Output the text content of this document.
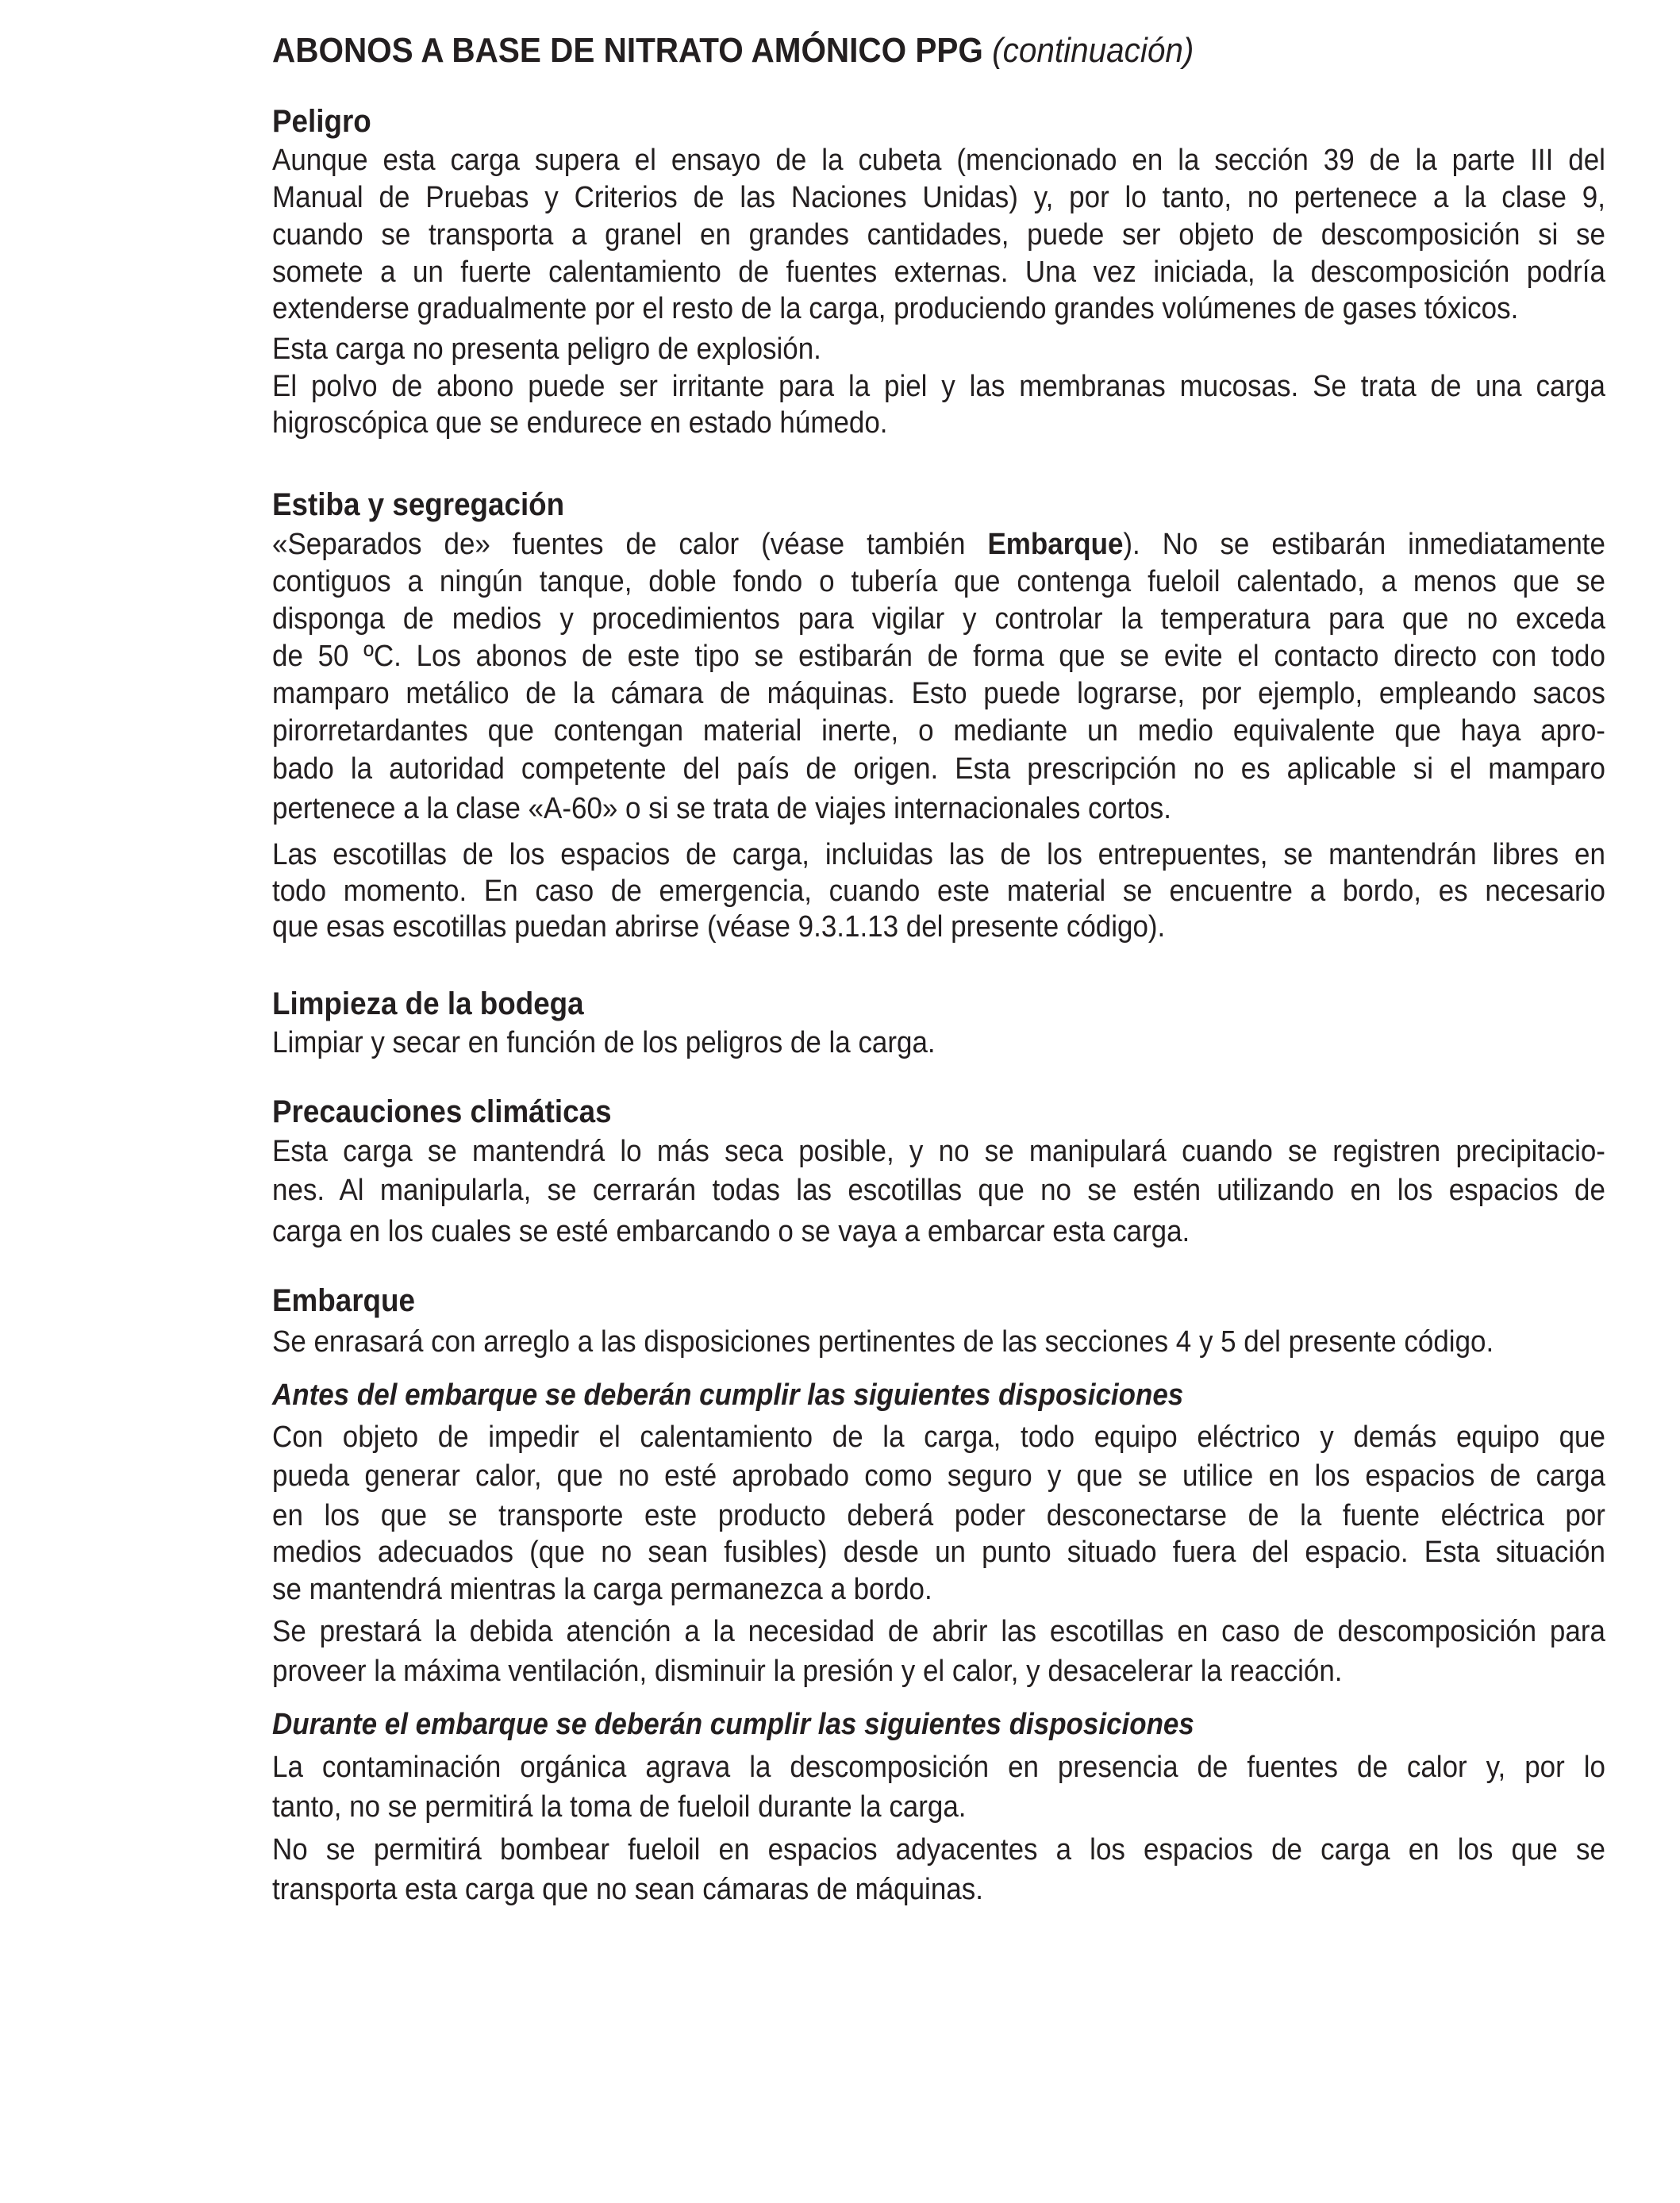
ABONOS A BASE DE NITRATO AMÓNICO PPG (continuación)
Peligro
Aunque esta carga supera el ensayo de la cubeta (mencionado en la sección 39 de la parte III del
Manual de Pruebas y Criterios de las Naciones Unidas) y, por lo tanto, no pertenece a la clase 9,
cuando se transporta a granel en grandes cantidades, puede ser objeto de descomposición si se
somete a un fuerte calentamiento de fuentes externas. Una vez iniciada, la descomposición podría
extenderse gradualmente por el resto de la carga, produciendo grandes volúmenes de gases tóxicos.
Esta carga no presenta peligro de explosión.
El polvo de abono puede ser irritante para la piel y las membranas mucosas. Se trata de una carga
higroscópica que se endurece en estado húmedo.
Estiba y segregación
«Separados de» fuentes de calor (véase también Embarque). No se estibarán inmediatamente
contiguos a ningún tanque, doble fondo o tubería que contenga fueloil calentado, a menos que se
disponga de medios y procedimientos para vigilar y controlar la temperatura para que no exceda
de 50 ºC. Los abonos de este tipo se estibarán de forma que se evite el contacto directo con todo
mamparo metálico de la cámara de máquinas. Esto puede lograrse, por ejemplo, empleando sacos
pirorretardantes que contengan material inerte, o mediante un medio equivalente que haya apro-
bado la autoridad competente del país de origen. Esta prescripción no es aplicable si el mamparo
pertenece a la clase «A-60» o si se trata de viajes internacionales cortos.
Las escotillas de los espacios de carga, incluidas las de los entrepuentes, se mantendrán libres en
todo momento. En caso de emergencia, cuando este material se encuentre a bordo, es necesario
que esas escotillas puedan abrirse (véase 9.3.1.13 del presente código).
Limpieza de la bodega
Limpiar y secar en función de los peligros de la carga.
Precauciones climáticas
Esta carga se mantendrá lo más seca posible, y no se manipulará cuando se registren precipitacio-
nes. Al manipularla, se cerrarán todas las escotillas que no se estén utilizando en los espacios de
carga en los cuales se esté embarcando o se vaya a embarcar esta carga.
Embarque
Se enrasará con arreglo a las disposiciones pertinentes de las secciones 4 y 5 del presente código.
Antes del embarque se deberán cumplir las siguientes disposiciones
Con objeto de impedir el calentamiento de la carga, todo equipo eléctrico y demás equipo que
pueda generar calor, que no esté aprobado como seguro y que se utilice en los espacios de carga
en los que se transporte este producto deberá poder desconectarse de la fuente eléctrica por
medios adecuados (que no sean fusibles) desde un punto situado fuera del espacio. Esta situación
se mantendrá mientras la carga permanezca a bordo.
Se prestará la debida atención a la necesidad de abrir las escotillas en caso de descomposición para
proveer la máxima ventilación, disminuir la presión y el calor, y desacelerar la reacción.
Durante el embarque se deberán cumplir las siguientes disposiciones
La contaminación orgánica agrava la descomposición en presencia de fuentes de calor y, por lo
tanto, no se permitirá la toma de fueloil durante la carga.
No se permitirá bombear fueloil en espacios adyacentes a los espacios de carga en los que se
transporta esta carga que no sean cámaras de máquinas.
